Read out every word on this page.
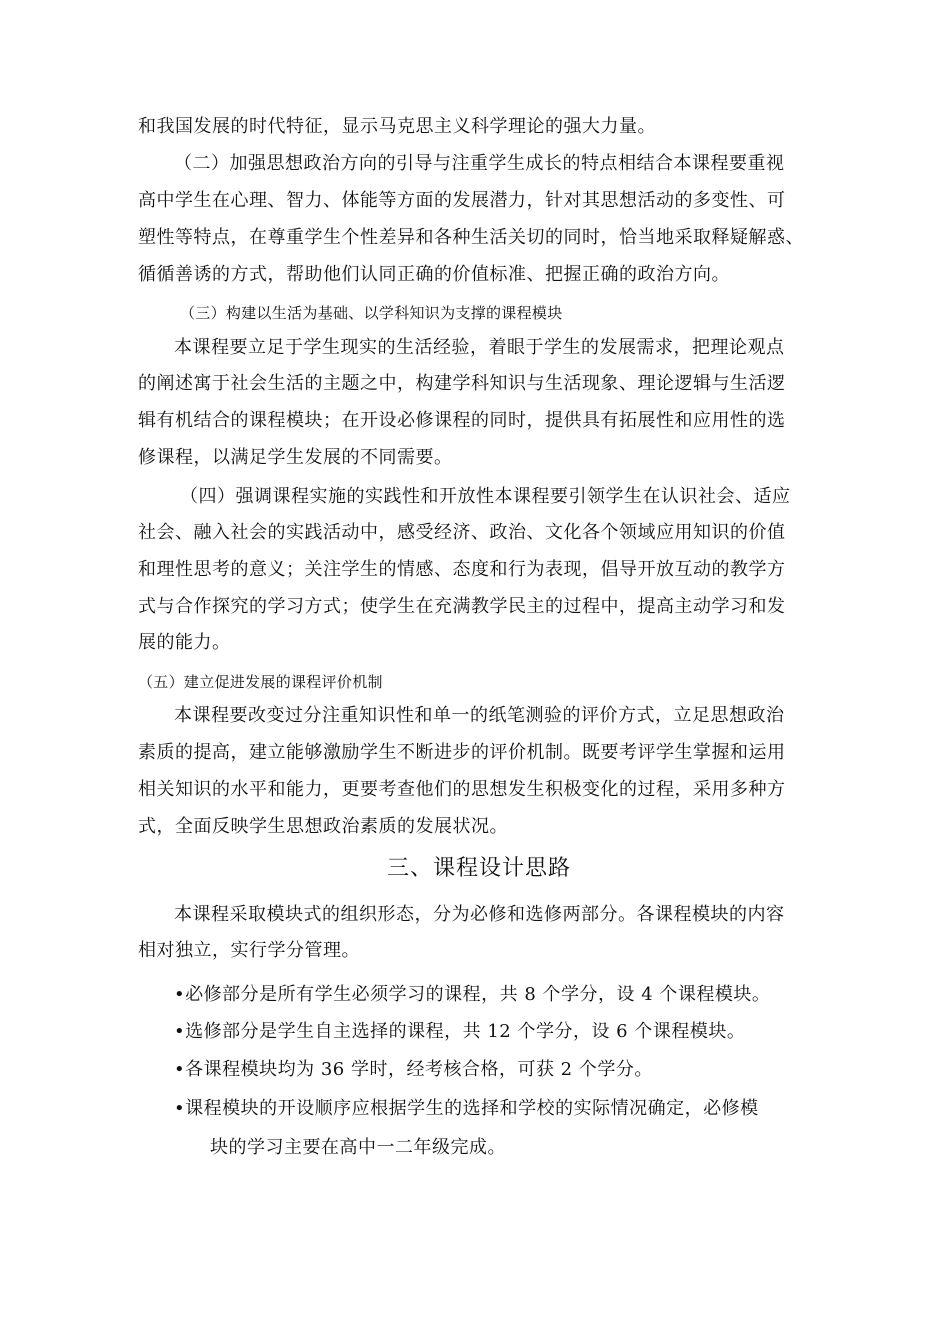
和我国发展的时代特征，显示马克思主义科学理论的强大力量。
（二）加强思想政治方向的引导与注重学生成长的特点相结合本课程要重视
高中学生在心理、智力、体能等方面的发展潜力，针对其思想活动的多变性、可
塑性等特点，在尊重学生个性差异和各种生活关切的同时，恰当地采取释疑解惑、
循循善诱的方式，帮助他们认同正确的价值标准、把握正确的政治方向。
（三）构建以生活为基础、以学科知识为支撑的课程模块
本课程要立足于学生现实的生活经验，着眼于学生的发展需求，把理论观点
的阐述寓于社会生活的主题之中，构建学科知识与生活现象、理论逻辑与生活逻
辑有机结合的课程模块；在开设必修课程的同时，提供具有拓展性和应用性的选
修课程，以满足学生发展的不同需要。
（四）强调课程实施的实践性和开放性本课程要引领学生在认识社会、适应
社会、融入社会的实践活动中，感受经济、政治、文化各个领域应用知识的价值
和理性思考的意义；关注学生的情感、态度和行为表现，倡导开放互动的教学方
式与合作探究的学习方式；使学生在充满教学民主的过程中，提高主动学习和发
展的能力。
（五）建立促进发展的课程评价机制
本课程要改变过分注重知识性和单一的纸笔测验的评价方式，立足思想政治
素质的提高，建立能够激励学生不断进步的评价机制。既要考评学生掌握和运用
相关知识的水平和能力，更要考查他们的思想发生积极变化的过程，采用多种方
式，全面反映学生思想政治素质的发展状况。
三、课程设计思路
本课程采取模块式的组织形态，分为必修和选修两部分。各课程模块的内容
相对独立，实行学分管理。
•必修部分是所有学生必须学习的课程，共 8 个学分，设 4 个课程模块。
•选修部分是学生自主选择的课程，共 12 个学分，设 6 个课程模块。
•各课程模块均为 36 学时，经考核合格，可获 2 个学分。
•课程模块的开设顺序应根据学生的选择和学校的实际情况确定，必修模
块的学习主要在高中一二年级完成。
